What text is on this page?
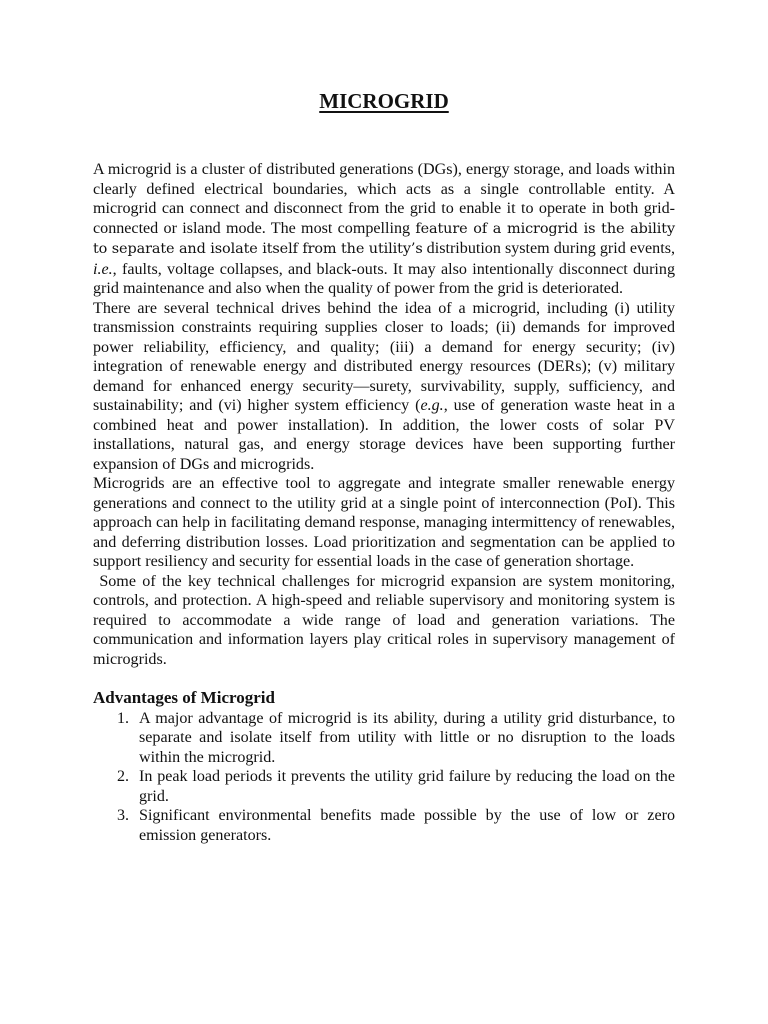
MICROGRID

A microgrid is a cluster of distributed generations (DGs), energy storage, and loads within clearly defined electrical boundaries, which acts as a single controllable entity. A microgrid can connect and disconnect from the grid to enable it to operate in both grid-connected or island mode. The most compelling feature of a microgrid is the ability to separate and isolate itself from the utility’s distribution system during grid events, i.e., faults, voltage collapses, and black-outs. It may also intentionally disconnect during grid maintenance and also when the quality of power from the grid is deteriorated.

There are several technical drives behind the idea of a microgrid, including (i) utility transmission constraints requiring supplies closer to loads; (ii) demands for improved power reliability, efficiency, and quality; (iii) a demand for energy security; (iv) integration of renewable energy and distributed energy resources (DERs); (v) military demand for enhanced energy security—surety, survivability, supply, sufficiency, and sustainability; and (vi) higher system efficiency (e.g., use of generation waste heat in a combined heat and power installation). In addition, the lower costs of solar PV installations, natural gas, and energy storage devices have been supporting further expansion of DGs and microgrids.

Microgrids are an effective tool to aggregate and integrate smaller renewable energy generations and connect to the utility grid at a single point of interconnection (PoI). This approach can help in facilitating demand response, managing intermittency of renewables, and deferring distribution losses. Load prioritization and segmentation can be applied to support resiliency and security for essential loads in the case of generation shortage.

Some of the key technical challenges for microgrid expansion are system monitoring, controls, and protection. A high-speed and reliable supervisory and monitoring system is required to accommodate a wide range of load and generation variations. The communication and information layers play critical roles in supervisory management of microgrids.

Advantages of Microgrid
1. A major advantage of microgrid is its ability, during a utility grid disturbance, to separate and isolate itself from utility with little or no disruption to the loads within the microgrid.
2. In peak load periods it prevents the utility grid failure by reducing the load on the grid.
3. Significant environmental benefits made possible by the use of low or zero emission generators.
